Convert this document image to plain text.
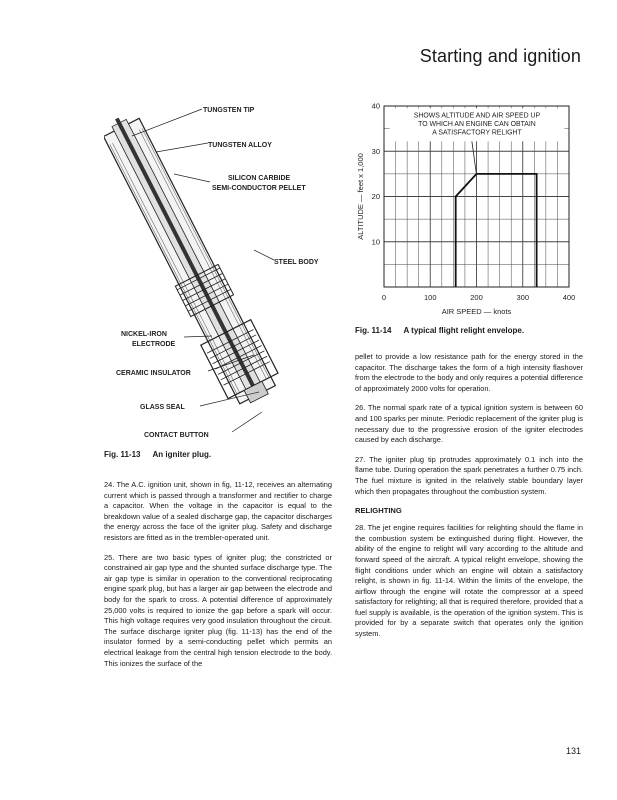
Starting and ignition
TUNGSTEN TIP
TUNGSTEN ALLOY
SILICON CARBIDE
SEMI-CONDUCTOR PELLET
STEEL BODY
NICKEL-IRON
ELECTRODE
CERAMIC INSULATOR
GLASS SEAL
CONTACT BUTTON
Fig. 11-13 An igniter plug.
SHOWS ALTITUDE AND AIR SPEED UP
TO WHICH AN ENGINE CAN OBTAIN
A SATISFACTORY RELIGHT
0	100	200	300	400
10
20
30
40
AIR SPEED — knots
ALTITUDE — feet x 1,000
Fig. 11-14 A typical flight relight envelope.

24. The A.C. ignition unit, shown in fig, 11-12, receives an alternating current which is passed through a transformer and rectifier to charge a capacitor. When the voltage in the capacitor is equal to the breakdown value of a sealed discharge gap, the capacitor discharges the energy across the face of the igniter plug. Safety and discharge resistors are fitted as in the trembler-operated unit.

25. There are two basic types of igniter plug; the constricted or constrained air gap type and the shunted surface discharge type. The air gap type is similar in operation to the conventional reciprocating engine spark plug, but has a larger air gap between the electrode and body for the spark to cross. A potential difference of approximately 25,000 volts is required to ionize the gap before a spark will occur. This high voltage requires very good insulation throughout the circuit. The surface discharge igniter plug (fig. 11-13) has the end of the insulator formed by a semi-conducting pellet which permits an electrical leakage from the central high tension electrode to the body. This ionizes the surface of the

pellet to provide a low resistance path for the energy stored in the capacitor. The discharge takes the form of a high intensity flashover from the electrode to the body and only requires a potential difference of approximately 2000 volts for operation.

26. The normal spark rate of a typical ignition system is between 60 and 100 sparks per minute. Periodic replacement of the igniter plug is necessary due to the progressive erosion of the igniter electrodes caused by each discharge.

27. The igniter plug tip protrudes approximately 0.1 inch into the flame tube. During operation the spark penetrates a further 0.75 inch. The fuel mixture is ignited in the relatively stable boundary layer which then propagates throughout the combustion system.

RELIGHTING

28. The jet engine requires facilities for relighting should the flame in the combustion system be extinguished during flight. However, the ability of the engine to relight will vary according to the altitude and forward speed of the aircraft. A typical relight envelope, showing the flight conditions under which an engine will obtain a satisfactory relight, is shown in fig. 11-14. Within the limits of the envelope, the airflow through the engine will rotate the compressor at a speed satisfactory for relighting; all that is required therefore, provided that a fuel supply is available, is the operation of the ignition system. This is provided for by a separate switch that operates only the ignition system.

131
